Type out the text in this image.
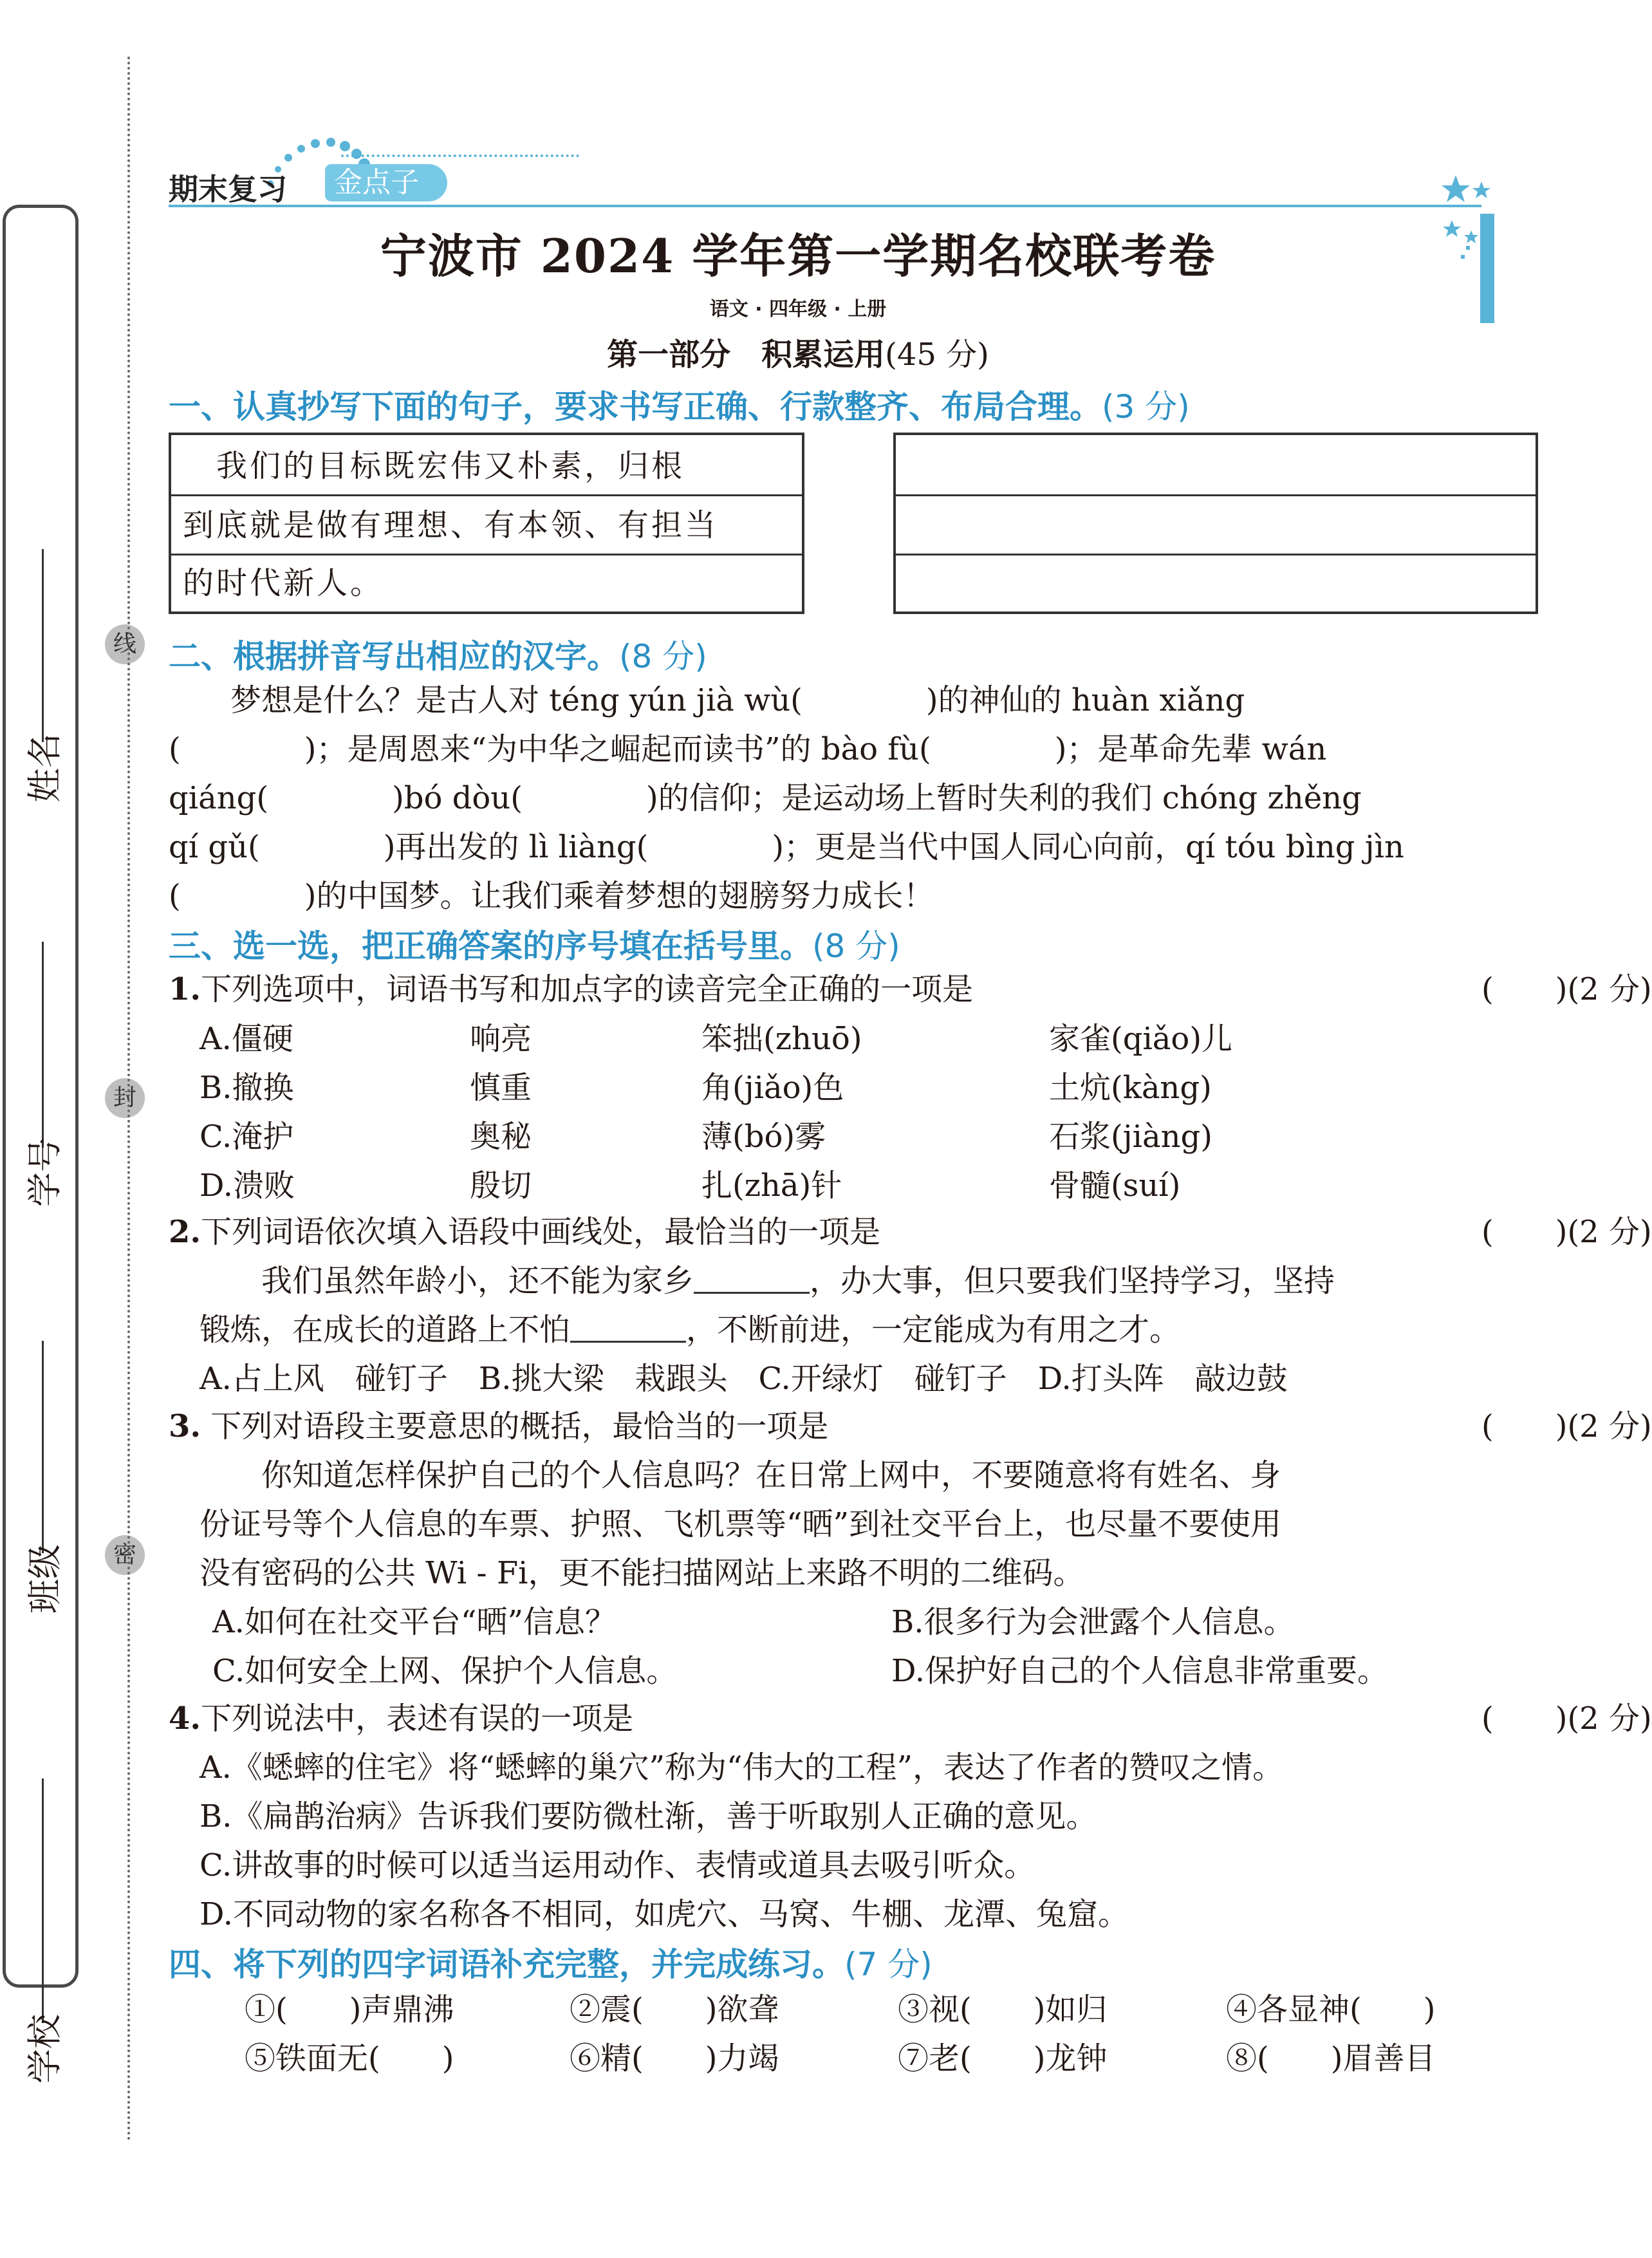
姓名
学号
班级
学校
线
封
密
期末复习	金点子
宁波市 2024 学年第一学期名校联考卷
语文 · 四年级 · 上册
第一部分　积累运用(45 分)
一、认真抄写下面的句子，要求书写正确、行款整齐、布局合理。(3 分)
　我们的目标既宏伟又朴素，归根
到底就是做有理想、有本领、有担当
的时代新人。
二、根据拼音写出相应的汉字。(8 分)
　　梦想是什么？是古人对 téng yún jià wù(　　　　)的神仙的 huàn xiǎng
(　　　　)；是周恩来“为中华之崛起而读书”的 bào fù(　　　　)；是革命先辈 wán
qiáng(　　　　)bó dòu(　　　　)的信仰；是运动场上暂时失利的我们 chóng zhěng
qí gǔ(　　　　)再出发的 lì liàng(　　　　)；更是当代中国人同心向前，qí tóu bìng jìn
(　　　　)的中国梦。让我们乘着梦想的翅膀努力成长！
三、选一选，把正确答案的序号填在括号里。(8 分)
1.下列选项中，词语书写和加点字的读音完全正确的一项是	(　　)(2 分)
A.僵硬	响亮	笨拙(zhuō)	家雀(qiǎo)儿
B.撤换	慎重	角(jiǎo)色	土炕(kàng)
C.淹护	奥秘	薄(bó)雾	石浆(jiàng)
D.溃败	殷切	扎(zhā)针	骨髓(suí)
2.下列词语依次填入语段中画线处，最恰当的一项是	(　　)(2 分)
　　我们虽然年龄小，还不能为家乡	，办大事，但只要我们坚持学习，坚持
锻炼，在成长的道路上不怕	，不断前进，一定能成为有用之才。
A.占上风　碰钉子　B.挑大梁　栽跟头　C.开绿灯　碰钉子　D.打头阵　敲边鼓
3. 下列对语段主要意思的概括，最恰当的一项是	(　　)(2 分)
　　你知道怎样保护自己的个人信息吗？在日常上网中，不要随意将有姓名、身
份证号等个人信息的车票、护照、飞机票等“晒”到社交平台上，也尽量不要使用
没有密码的公共 Wi - Fi，更不能扫描网站上来路不明的二维码。
A.如何在社交平台“晒”信息？	B.很多行为会泄露个人信息。
C.如何安全上网、保护个人信息。	D.保护好自己的个人信息非常重要。
4.下列说法中，表述有误的一项是	(　　)(2 分)
A.《蟋蟀的住宅》将“蟋蟀的巢穴”称为“伟大的工程”，表达了作者的赞叹之情。
B.《扁鹊治病》告诉我们要防微杜渐，善于听取别人正确的意见。
C.讲故事的时候可以适当运用动作、表情或道具去吸引听众。
D.不同动物的家名称各不相同，如虎穴、马窝、牛棚、龙潭、兔窟。
四、将下列的四字词语补充完整，并完成练习。(7 分)
①(　　)声鼎沸	②震(　　)欲聋	③视(　　)如归	④各显神(　　)
⑤铁面无(　　)	⑥精(　　)力竭	⑦老(　　)龙钟	⑧(　　)眉善目
